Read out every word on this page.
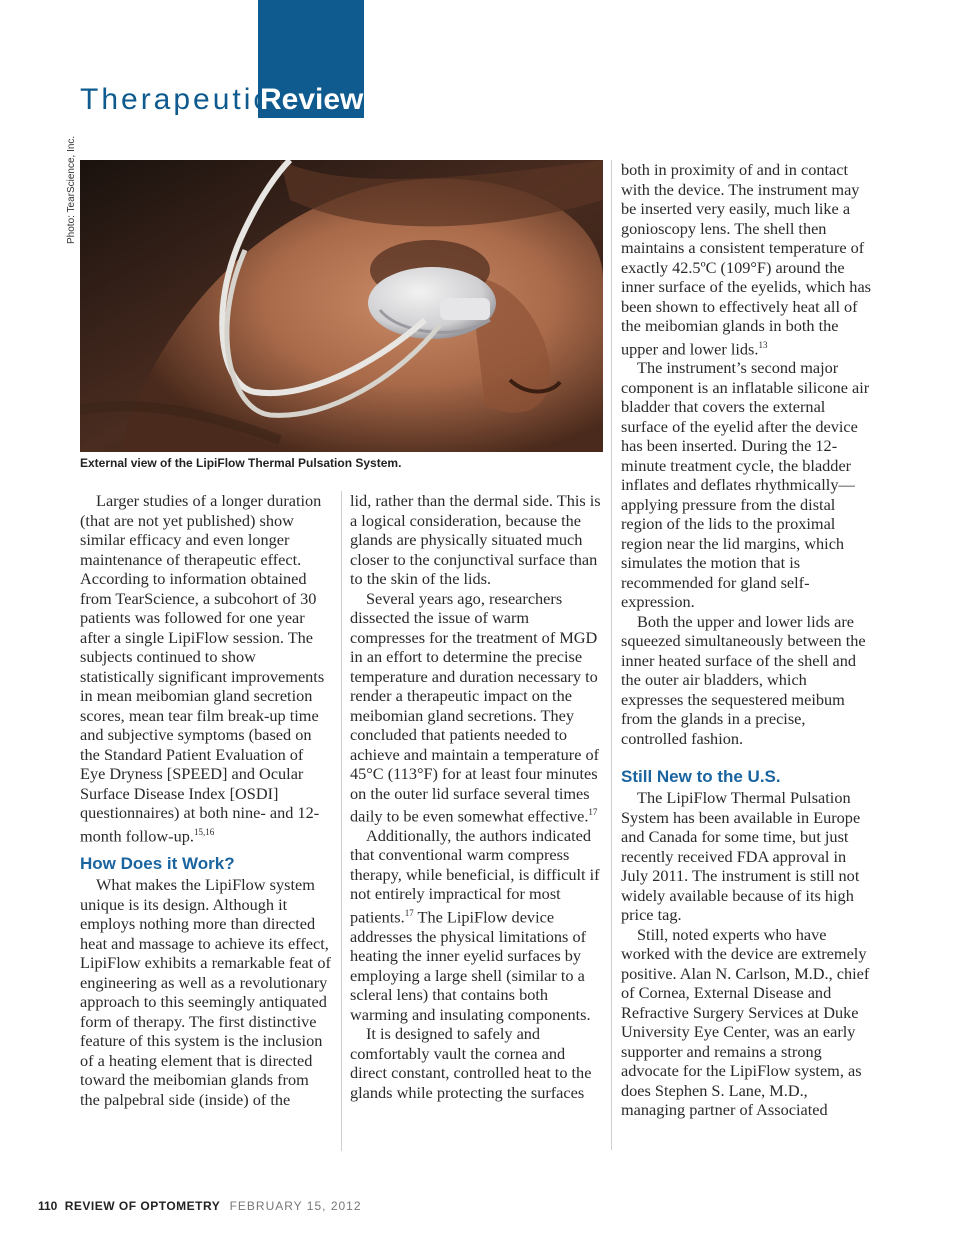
Therapeutic
Review
Photo: TearScience, Inc.
External view of the LipiFlow Thermal Pulsation System.

Larger studies of a longer duration (that are not yet published) show similar efficacy and even longer maintenance of therapeutic effect. According to information obtained from TearScience, a subcohort of 30 patients was followed for one year after a single LipiFlow session. The subjects continued to show statistically significant improvements in mean meibomian gland secretion scores, mean tear film break-up time and subjective symptoms (based on the Standard Patient Evaluation of Eye Dryness [SPEED] and Ocular Surface Disease Index [OSDI] questionnaires) at both nine- and 12-month follow-up.$^{15,16}$

How Does it Work?

What makes the LipiFlow system unique is its design. Although it employs nothing more than directed heat and massage to achieve its effect, LipiFlow exhibits a remarkable feat of engineering as well as a revolutionary approach to this seemingly antiquated form of therapy. The first distinctive feature of this system is the inclusion of a heating element that is directed toward the meibomian glands from the palpebral side (inside) of the

lid, rather than the dermal side. This is a logical consideration, because the glands are physically situated much closer to the conjunctival surface than to the skin of the lids.

Several years ago, researchers dissected the issue of warm compresses for the treatment of MGD in an effort to determine the precise temperature and duration necessary to render a therapeutic impact on the meibomian gland secretions. They concluded that patients needed to achieve and maintain a temperature of 45°C (113°F) for at least four minutes on the outer lid surface several times daily to be even somewhat effective.$^{17}$

Additionally, the authors indicated that conventional warm compress therapy, while beneficial, is difficult if not entirely impractical for most patients.$^{17}$ The LipiFlow device addresses the physical limitations of heating the inner eyelid surfaces by employing a large shell (similar to a scleral lens) that contains both warming and insulating components.

It is designed to safely and comfortably vault the cornea and direct constant, controlled heat to the glands while protecting the surfaces

both in proximity of and in contact with the device. The instrument may be inserted very easily, much like a gonioscopy lens. The shell then maintains a consistent temperature of exactly 42.5ºC (109°F) around the inner surface of the eyelids, which has been shown to effectively heat all of the meibomian glands in both the upper and lower lids.$^{13}$

The instrument’s second major component is an inflatable silicone air bladder that covers the external surface of the eyelid after the device has been inserted. During the 12-minute treatment cycle, the bladder inflates and deflates rhythmically—applying pressure from the distal region of the lids to the proximal region near the lid margins, which simulates the motion that is recommended for gland self-expression.

Both the upper and lower lids are squeezed simultaneously between the inner heated surface of the shell and the outer air bladders, which expresses the sequestered meibum from the glands in a precise, controlled fashion.

Still New to the U.S.

The LipiFlow Thermal Pulsation System has been available in Europe and Canada for some time, but just recently received FDA approval in July 2011. The instrument is still not widely available because of its high price tag.

Still, noted experts who have worked with the device are extremely positive. Alan N. Carlson, M.D., chief of Cornea, External Disease and Refractive Surgery Services at Duke University Eye Center, was an early supporter and remains a strong advocate for the LipiFlow system, as does Stephen S. Lane, M.D., managing partner of Associated

110 REVIEW OF OPTOMETRY FEBRUARY 15, 2012
